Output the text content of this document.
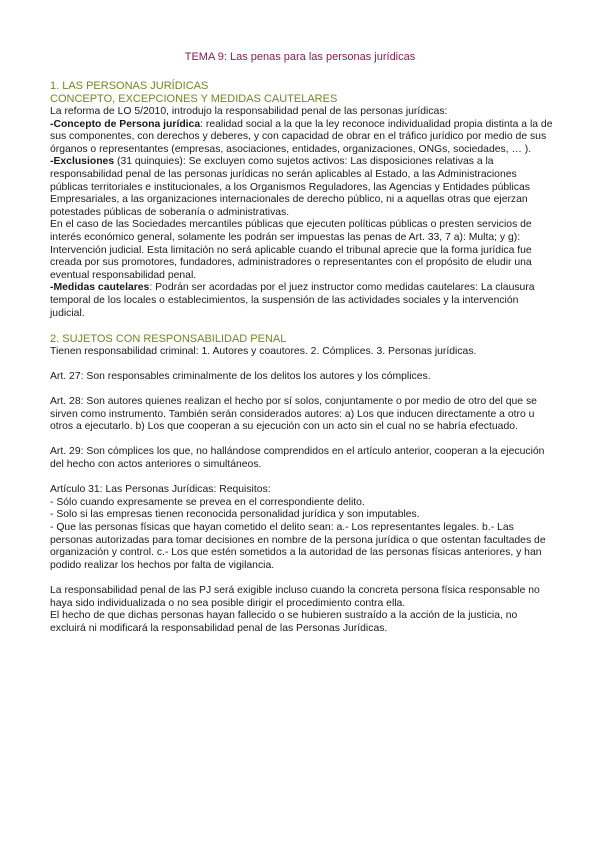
TEMA 9: Las penas para las personas jurídicas
1. LAS PERSONAS JURÍDICAS
CONCEPTO, EXCEPCIONES Y MEDIDAS CAUTELARES

La reforma de LO 5/2010, introdujo la responsabilidad penal de las personas jurídicas:

-Concepto de Persona jurídica: realidad social a la que la ley reconoce individualidad propia distinta a la de sus componentes, con derechos y deberes, y con capacidad de obrar en el tráfico jurídico por medio de sus órganos o representantes (empresas, asociaciones, entidades, organizaciones, ONGs, sociedades, … ).

-Exclusiones (31 quinquies): Se excluyen como sujetos activos: Las disposiciones relativas a la responsabilidad penal de las personas jurídicas no serán aplicables al Estado, a las Administraciones públicas territoriales e institucionales, a los Organismos Reguladores, las Agencias y Entidades públicas Empresariales, a las organizaciones internacionales de derecho público, ni a aquellas otras que ejerzan potestades públicas de soberanía o administrativas.

En el caso de las Sociedades mercantiles públicas que ejecuten políticas públicas o presten servicios de interés económico general, solamente les podrán ser impuestas las penas de Art. 33, 7 a): Multa; y g): Intervención judicial. Esta limitación no será aplicable cuando el tribunal aprecie que la forma jurídica fue creada por sus promotores, fundadores, administradores o representantes con el propósito de eludir una eventual responsabilidad penal.

-Medidas cautelares: Podrán ser acordadas por el juez instructor como medidas cautelares: La clausura temporal de los locales o establecimientos, la suspensión de las actividades sociales y la intervención judicial.

2. SUJETOS CON RESPONSABILIDAD PENAL

Tienen responsabilidad criminal: 1. Autores y coautores. 2. Cómplices. 3. Personas jurídicas.

Art. 27: Son responsables criminalmente de los delitos los autores y los cómplices.

Art. 28: Son autores quienes realizan el hecho por sí solos, conjuntamente o por medio de otro del que se sirven como instrumento. También serán considerados autores: a) Los que inducen directamente a otro u otros a ejecutarlo. b) Los que cooperan a su ejecución con un acto sin el cual no se habría efectuado.

Art. 29: Son cómplices los que, no hallándose comprendidos en el artículo anterior, cooperan a la ejecución del hecho con actos anteriores o simultáneos.

Artículo 31: Las Personas Jurídicas: Requisitos:

- Sólo cuando expresamente se prevea en el correspondiente delito.

- Solo si las empresas tienen reconocida personalidad jurídica y son imputables.

- Que las personas físicas que hayan cometido el delito sean: a.- Los representantes legales. b.- Las personas autorizadas para tomar decisiones en nombre de la persona jurídica o que ostentan facultades de organización y control. c.- Los que estén sometidos a la autoridad de las personas físicas anteriores, y han podido realizar los hechos por falta de vigilancia.

La responsabilidad penal de las PJ será exigible incluso cuando la concreta persona física responsable no haya sido individualizada o no sea posible dirigir el procedimiento contra ella.

El hecho de que dichas personas hayan fallecido o se hubieren sustraído a la acción de la justicia, no excluirá ni modificará la responsabilidad penal de las Personas Jurídicas.
